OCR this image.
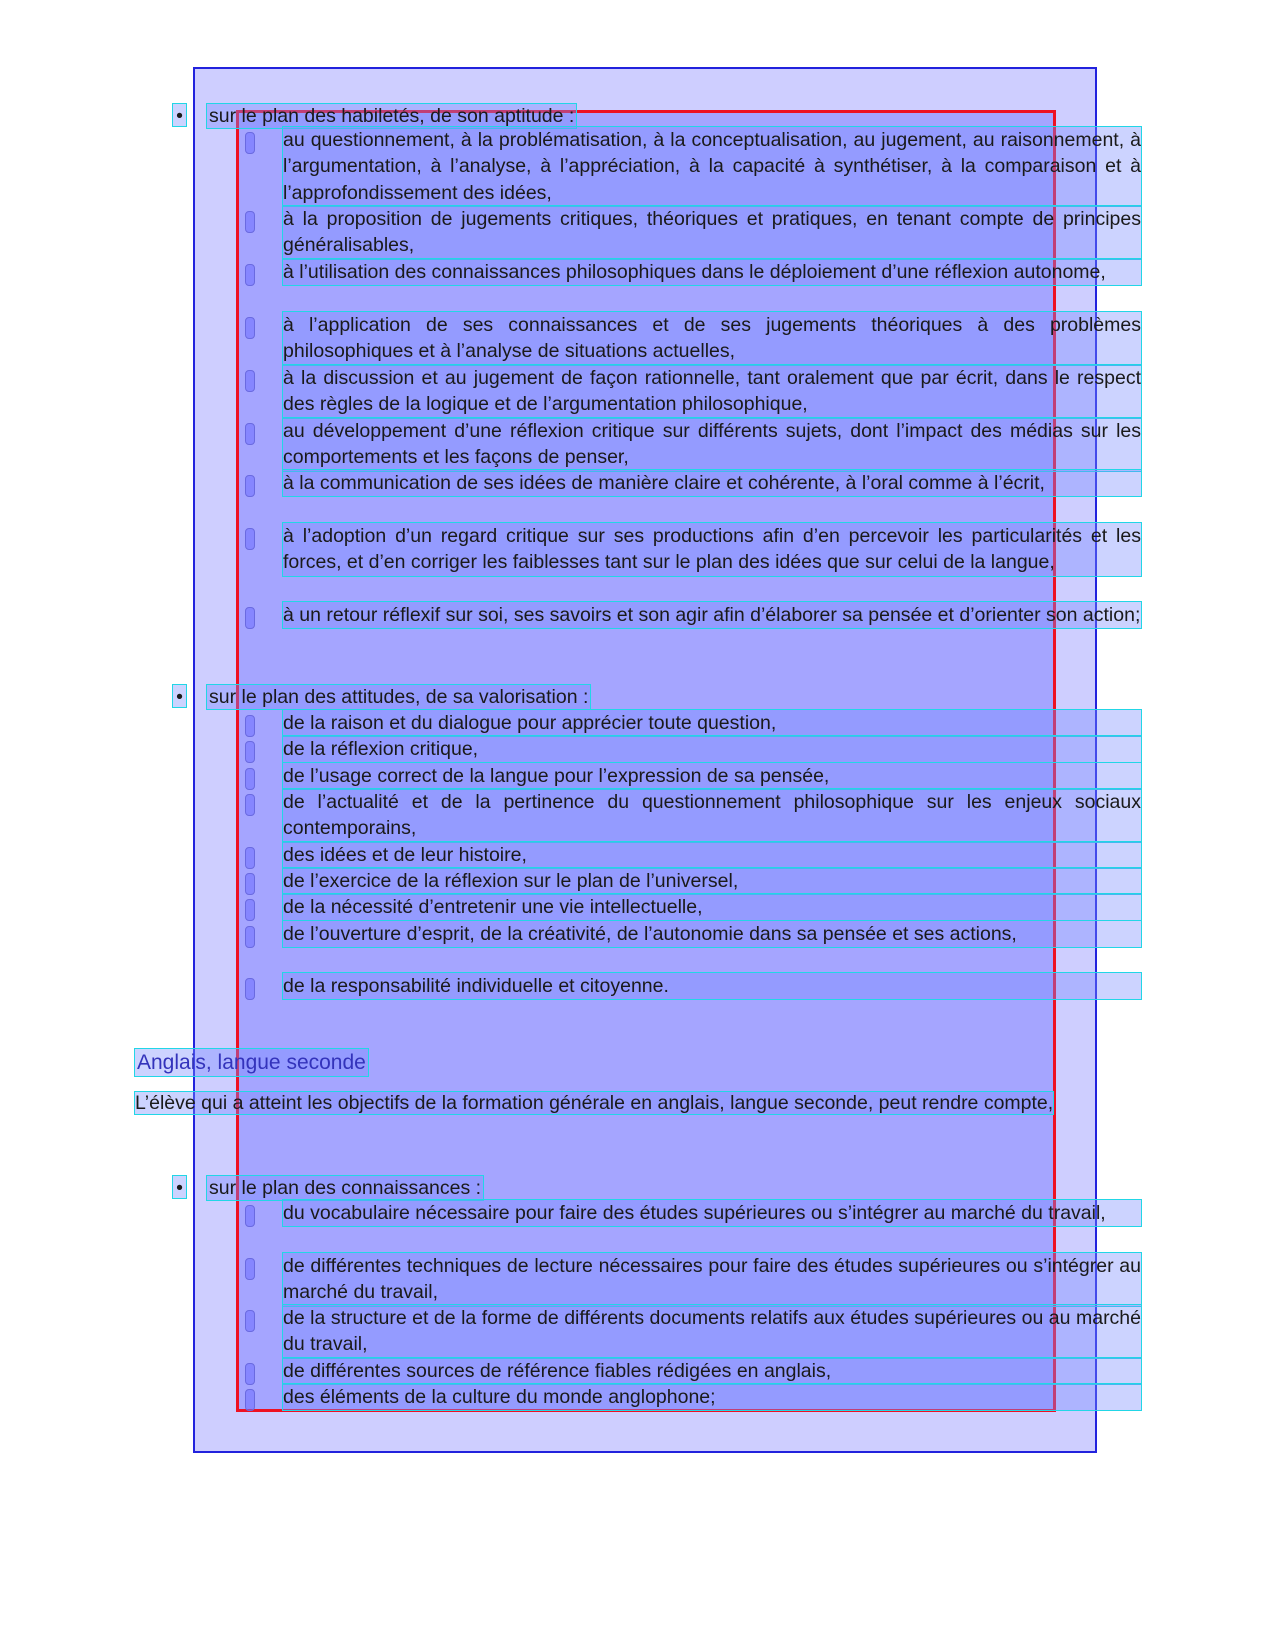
• sur le plan des habiletés, de son aptitude :
au questionnement, à la problématisation, à la conceptualisation, au jugement, au raisonnement, à l’argumentation, à l’analyse, à l’appréciation, à la capacité à synthétiser, à la comparaison et à l’approfondissement des idées,
à la proposition de jugements critiques, théoriques et pratiques, en tenant compte de principes généralisables,
à l’utilisation des connaissances philosophiques dans le déploiement d’une réflexion autonome,
à l’application de ses connaissances et de ses jugements théoriques à des problèmes philosophiques et à l’analyse de situations actuelles,
à la discussion et au jugement de façon rationnelle, tant oralement que par écrit, dans le respect des règles de la logique et de l’argumentation philosophique,
au développement d’une réflexion critique sur différents sujets, dont l’impact des médias sur les comportements et les façons de penser,
à la communication de ses idées de manière claire et cohérente, à l’oral comme à l’écrit,
à l’adoption d’un regard critique sur ses productions afin d’en percevoir les particularités et les forces, et d’en corriger les faiblesses tant sur le plan des idées que sur celui de la langue,
à un retour réflexif sur soi, ses savoirs et son agir afin d’élaborer sa pensée et d’orienter son action;
• sur le plan des attitudes, de sa valorisation :
de la raison et du dialogue pour apprécier toute question,
de la réflexion critique,
de l’usage correct de la langue pour l’expression de sa pensée,
de l’actualité et de la pertinence du questionnement philosophique sur les enjeux sociaux contemporains,
des idées et de leur histoire,
de l’exercice de la réflexion sur le plan de l’universel,
de la nécessité d’entretenir une vie intellectuelle,
de l’ouverture d’esprit, de la créativité, de l’autonomie dans sa pensée et ses actions,
de la responsabilité individuelle et citoyenne.
Anglais, langue seconde
L’élève qui a atteint les objectifs de la formation générale en anglais, langue seconde, peut rendre compte,
• sur le plan des connaissances :
du vocabulaire nécessaire pour faire des études supérieures ou s’intégrer au marché du travail,
de différentes techniques de lecture nécessaires pour faire des études supérieures ou s’intégrer au marché du travail,
de la structure et de la forme de différents documents relatifs aux études supérieures ou au marché du travail,
de différentes sources de référence fiables rédigées en anglais,
des éléments de la culture du monde anglophone;
